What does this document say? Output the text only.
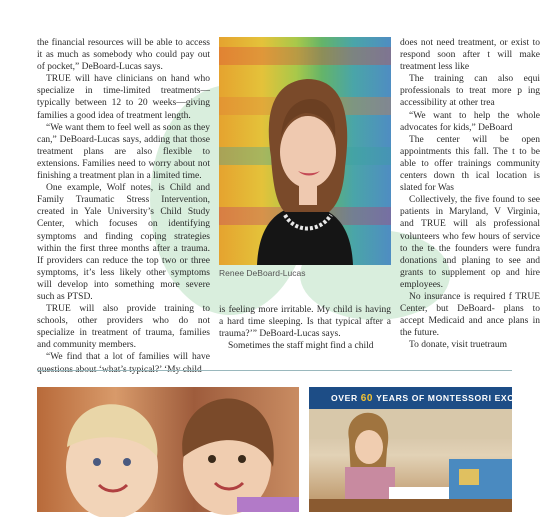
the financial resources will be able to access it as much as somebody who could pay out of pocket,” DeBoard-Lucas says.

TRUE will have clinicians on hand who specialize in time-limited treatments—typically between 12 to 20 weeks—giving families a good idea of treatment length.

“We want them to feel well as soon as they can,” DeBoard-Lucas says, adding that those treatment plans are also flexible to extensions. Families need to worry about not finishing a treatment plan in a limited time.

One example, Wolf notes, is Child and Family Traumatic Stress Intervention, created in Yale University’s Child Study Center, which focuses on identifying symptoms and finding coping strategies within the first three months after a trauma. If providers can reduce the top two or three symptoms, it’s less likely other symptoms will develop into something more severe such as PTSD.

TRUE will also provide training to schools, other providers who do not specialize in treatment of trauma, families and community members.

“We find that a lot of families will have

Renee DeBoard-Lucas

is feeling more irritable. My child is having a hard time sleeping. Is that typical after a trauma?’” DeBoard-Lucas says.

Sometimes the staff might find a child

does not need treatment, or exist to respond soon after t will make treatment less like

The training can also equi professionals to treat more p ing accessibility at other trea

“We want to help the whole advocates for kids,” DeBoard

The center will be open appointments this fall. The t to be able to offer trainings community centers down th ical location is slated for Was

Collectively, the five found to see patients in Maryland, V Virginia, and TRUE will als professional volunteers who few hours of service to the te the founders were fundra donations and planing to see and grants to supplement op and hire employees.

No insurance is required f TRUE Center, but DeBoard- plans to accept Medicaid and ance plans in the future.

To donate, visit truetraum

OVER 60 YEARS OF MONTESSORI EXC
